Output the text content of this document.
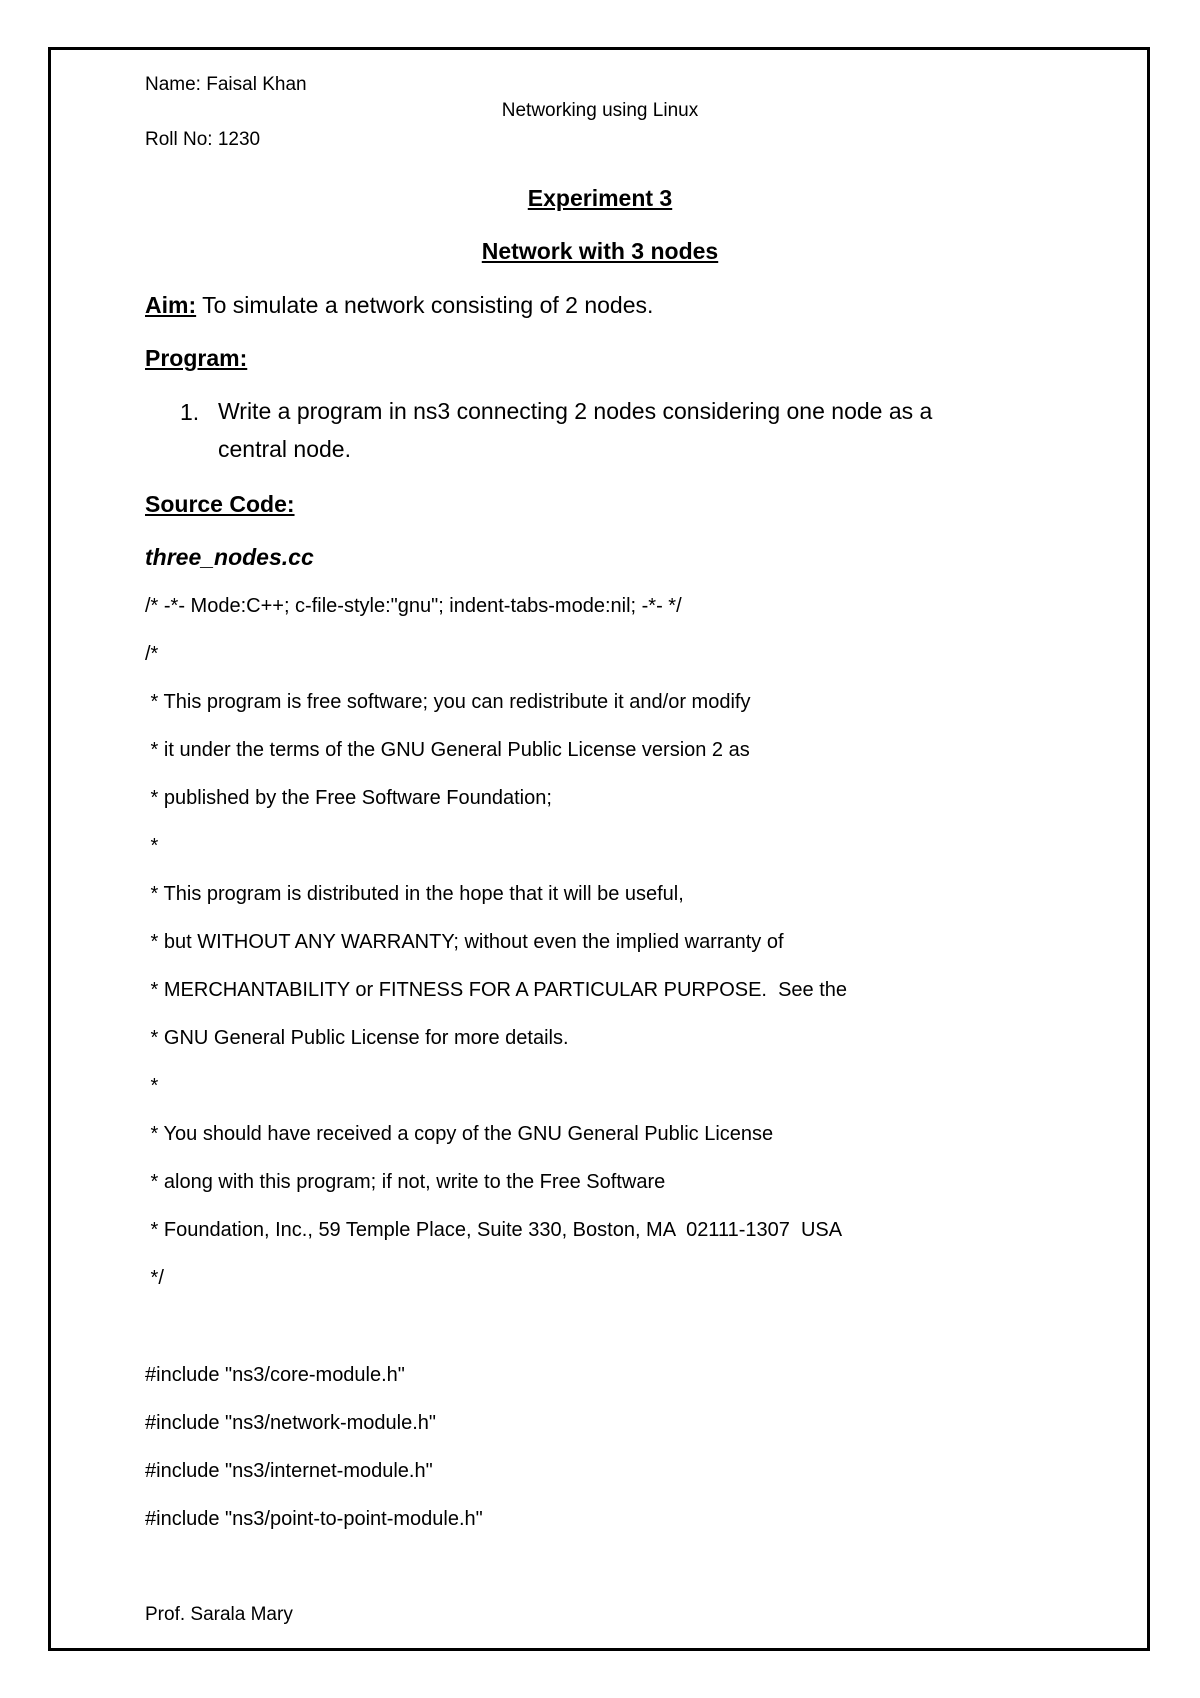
Name: Faisal Khan
Networking using Linux
Roll No: 1230
Experiment 3
Network with 3 nodes
Aim: To simulate a network consisting of 2 nodes.
Program:
1. Write a program in ns3 connecting 2 nodes considering one node as a
central node.
Source Code:
three_nodes.cc
/* -*- Mode:C++; c-file-style:"gnu"; indent-tabs-mode:nil; -*- */
/*
* This program is free software; you can redistribute it and/or modify
* it under the terms of the GNU General Public License version 2 as
* published by the Free Software Foundation;
*
* This program is distributed in the hope that it will be useful,
* but WITHOUT ANY WARRANTY; without even the implied warranty of
* MERCHANTABILITY or FITNESS FOR A PARTICULAR PURPOSE.  See the
* GNU General Public License for more details.
*
* You should have received a copy of the GNU General Public License
* along with this program; if not, write to the Free Software
* Foundation, Inc., 59 Temple Place, Suite 330, Boston, MA  02111-1307  USA
*/
#include "ns3/core-module.h"
#include "ns3/network-module.h"
#include "ns3/internet-module.h"
#include "ns3/point-to-point-module.h"
Prof. Sarala Mary
